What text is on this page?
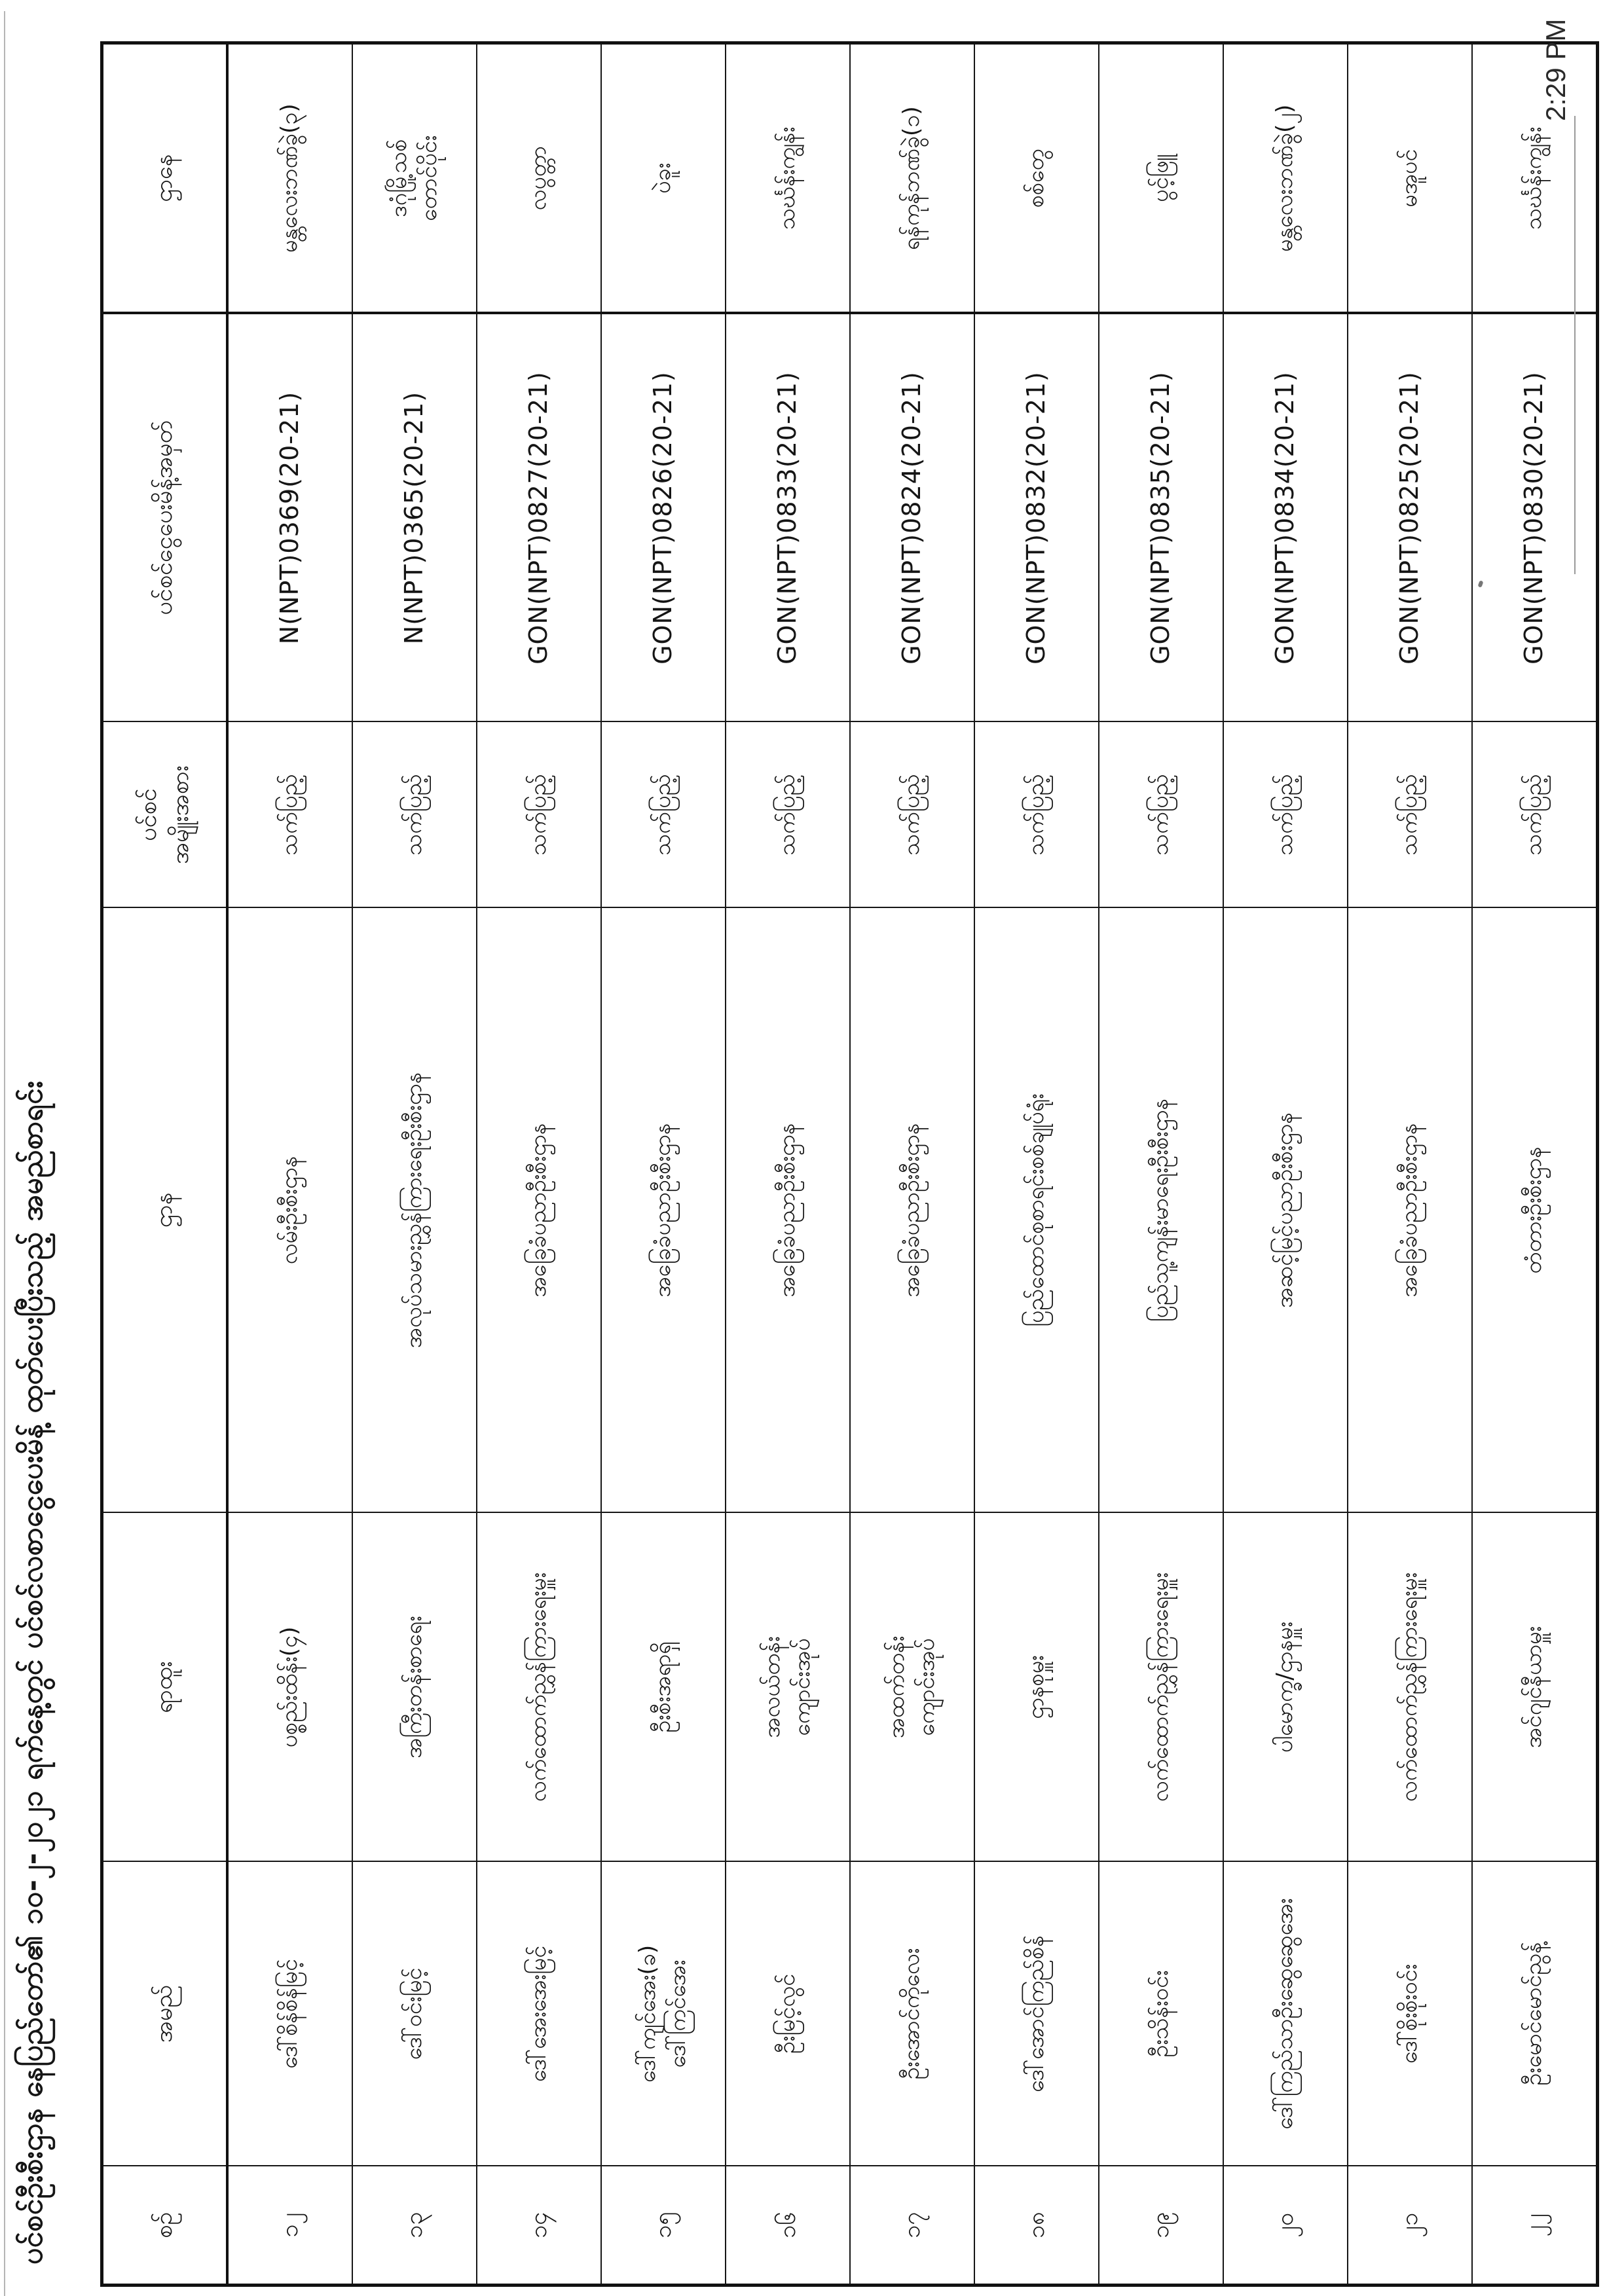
ပင်စင်ဦးစီးဌာန နေပြည်တော်၏ ၁၀-၂-၂၀၂၁ ရက်နေ့တွင် ပင်စင်လစာငွေပေးမိန့် ထုတ်ပေးပြီးသည့် အမည်စာရင်း	စဉ်	အမည်	ရာထူး	ဌာန	ပင်စင် အမျိုးအစား	ပင်စင်ငွေပေးမိန့်အမှတ်	ဌာနေ
၁၂	ဒေါ်စိန်စိန်မြင့်	ပစ္စည်းထိန်း(၄)	လမ်းဦးစီးဌာန	သက်ပြည့်	N(NPT)0369(20-21)	မန္တလေးဘဏ်ခွဲ(၃)

၁၃	ဒေါ်ဝင်းမြင့်	အကြီးတန်းစာရေး	အလုပ်သမားညွှန်ကြားရေးဦးစီးဌာန	သက်ပြည့်	N(NPT)0365(20-21)	ဒဂုံမြို့သစ် တောင်ပိုင်း

၁၄	ဒေါ်အေးအေးမြင့်	လက်ထောက်ညွှန်ကြားရေးမှူး	အခြေခံပညာဦးစီးဌာန	သက်ပြည့်	GON(NPT)0827(20-21)	လပွတ္တာ

၁၅	ဒေါ်ကျင်အေး(ခ) ဒေါ်ကြင်အေး	ဦးစီးအရာရှိ	အခြေခံပညာဦးစီးဌာန	သက်ပြည့်	GON(NPT)0826(20-21)	ပဲခူး

၁၆	ဦးမြင့်လွင်	အလယ်တန်း ကျောင်းအုပ်	အခြေခံပညာဦးစီးဌာန	သက်ပြည့်	GON(NPT)0833(20-21)	သင်္ဃန်းကျွန်း

၁၇	ဦးအောင်ကိုလေး	အထက်တန်း ကျောင်းအုပ်	အခြေခံပညာဦးစီးဌာန	သက်ပြည့်	GON(NPT)0824(20-21)	ရန်ကုန်ဘဏ်ခွဲ(၁)

၁၈	ဒေါ်အောင်ကြည်စိန်	ဌာနစုမှူး	ပြည်ထောင်စုစာရင်းစစ်ချုပ်ရုံး	သက်ပြည့်	GON(NPT)0832(20-21)	စစ်တွေ

၁၉	ဦးသိန်းဝင်း	လက်ထောက်ညွှန်ကြားရေးမှူး	ပြည်သူ့ကျန်းမာရေးဦးစီးဌာန	သက်ပြည့်	GON(NPT)0835(20-21)	ပွင့်ဖြူ

၂၀	ဒေါ်ကြည်သာဦးဆွေဆွေအေး	ပါမောက္ခ/ဌာနမှူး	အဆင့်မြင့်ပညာဦးစီးဌာန	သက်ပြည့်	GON(NPT)0834(20-21)	မန္တလေးဘဏ်ခွဲ(၂)

၂၁	ဒေါ်စိုးစိုးဝင်း	လက်ထောက်ညွှန်ကြားရေးမှူး	အခြေခံပညာဦးစီးဌာန	သက်ပြည့်	GON(NPT)0825(20-21)	မအူပင်

၂၂	ဦးမောင်မောင်ညွန့်	အင်ဂျင်နီယာမှူး	တံတားဦးစီးဌာန	သက်ပြည့်	GON(NPT)0830(20-21)	သင်္ဃန်းကျွန်း
2:29 PM
